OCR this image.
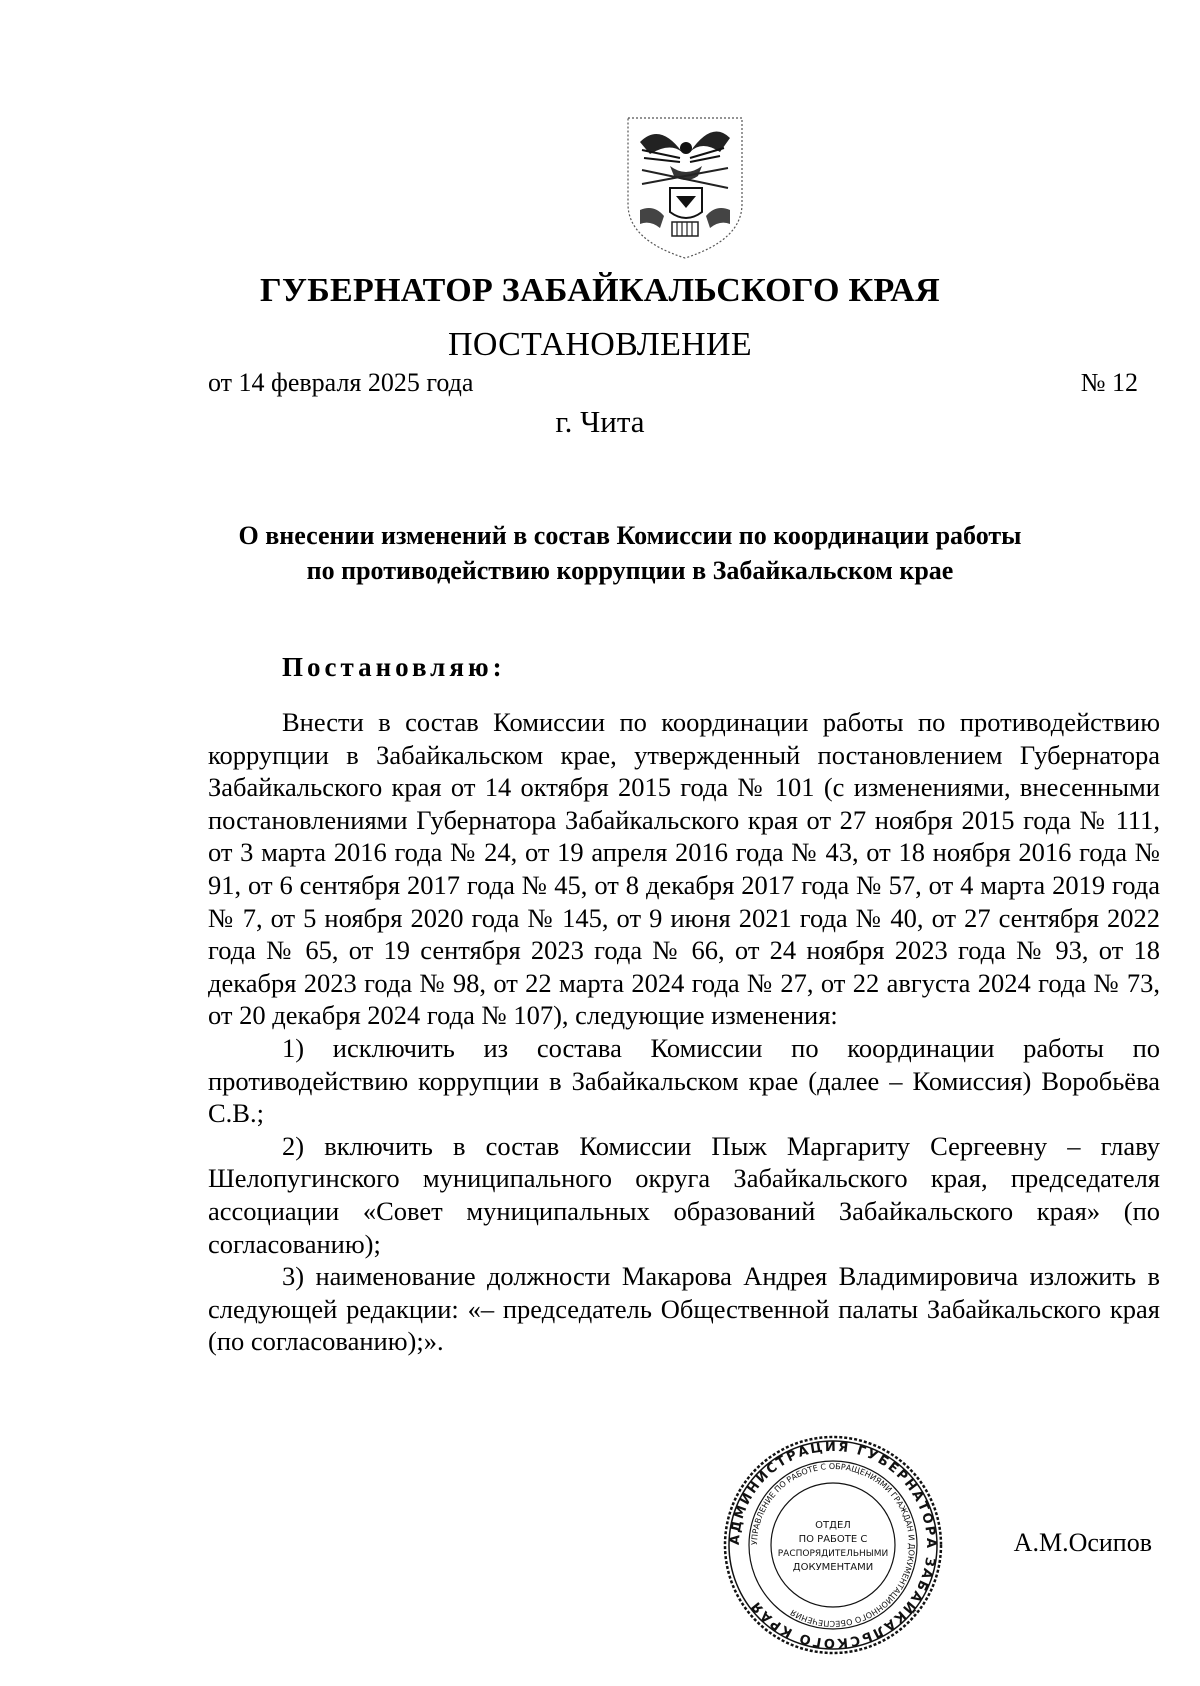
ГУБЕРНАТОР ЗАБАЙКАЛЬСКОГО КРАЯ
ПОСТАНОВЛЕНИЕ
от 14 февраля 2025 года	№ 12
г. Чита
О внесении изменений в состав Комиссии по координации работы
по противодействию коррупции в Забайкальском крае
Постановляю:

Внести в состав Комиссии по координации работы по противодействию коррупции в Забайкальском крае, утвержденный постановлением Губернатора Забайкальского края от 14 октября 2015 года № 101 (с изменениями, внесенными постановлениями Губернатора Забайкальского края от 27 ноября 2015 года № 111, от 3 марта 2016 года № 24, от 19 апреля 2016 года № 43, от 18 ноября 2016 года № 91, от 6 сентября 2017 года № 45, от 8 декабря 2017 года № 57, от 4 марта 2019 года № 7, от 5 ноября 2020 года № 145, от 9 июня 2021 года № 40, от 27 сентября 2022 года № 65, от 19 сентября 2023 года № 66, от 24 ноября 2023 года № 93, от 18 декабря 2023 года № 98, от 22 марта 2024 года № 27, от 22 августа 2024 года № 73, от 20 декабря 2024 года № 107), следующие изменения:

1) исключить из состава Комиссии по координации работы по противодействию коррупции в Забайкальском крае (далее – Комиссия) Воробьёва С.В.;

2) включить в состав Комиссии Пыж Маргариту Сергеевну – главу Шелопугинского муниципального округа Забайкальского края, председателя ассоциации «Совет муниципальных образований Забайкальского края» (по согласованию);

3) наименование должности Макарова Андрея Владимировича изложить в следующей редакции: «– председатель Общественной палаты Забайкальского края (по согласованию);».

АДМИНИСТРАЦИЯ ГУБЕРНАТОРА ЗАБАЙКАЛЬСКОГО КРАЯ
УПРАВЛЕНИЕ ПО РАБОТЕ С ОБРАЩЕНИЯМИ ГРАЖДАН И ДОКУМЕНТАЦИОННОГО ОБЕСПЕЧЕНИЯ
ОТДЕЛ
ПО РАБОТЕ С
РАСПОРЯДИТЕЛЬНЫМИ
ДОКУМЕНТАМИ
А.М.Осипов
